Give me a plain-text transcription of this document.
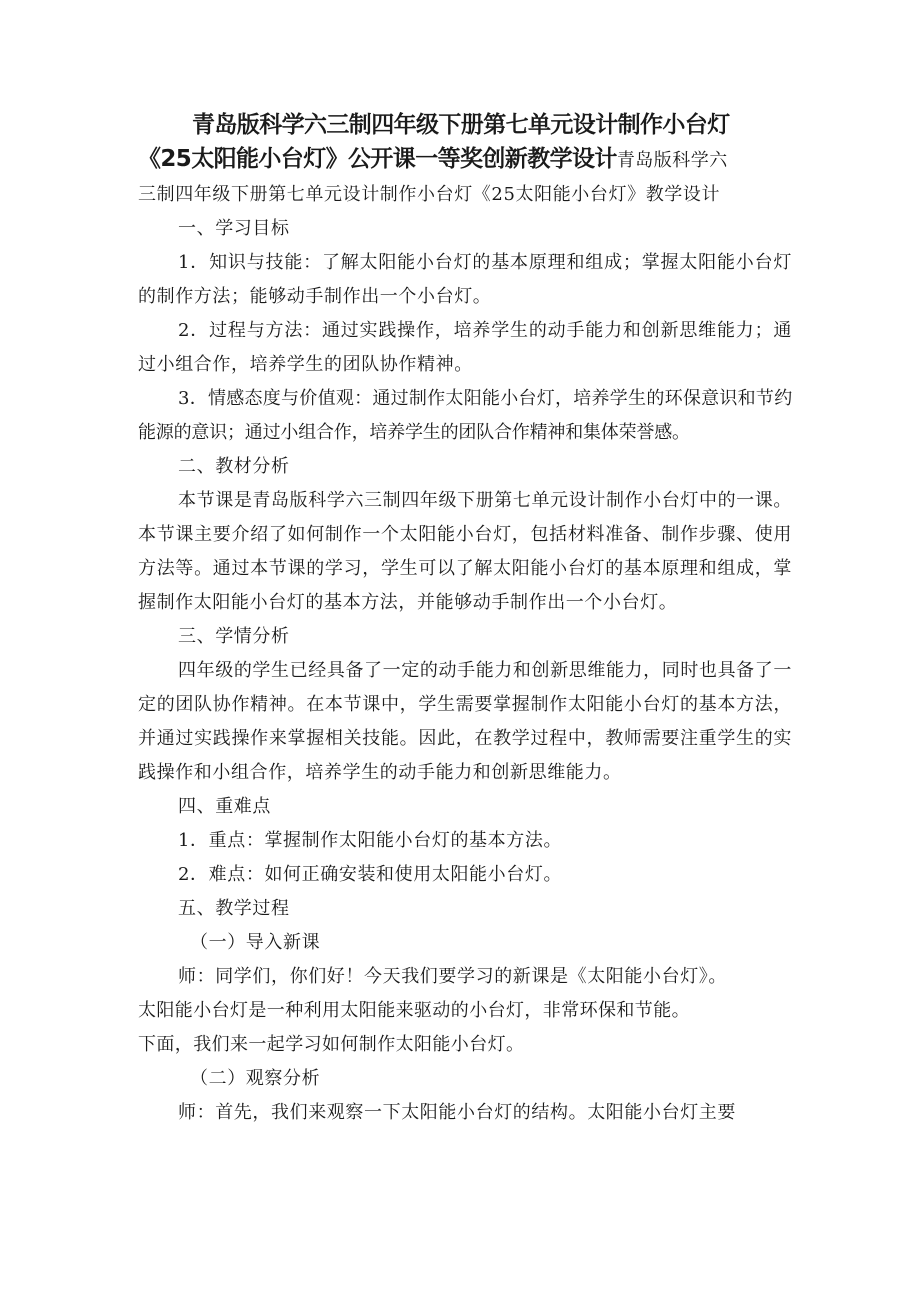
青岛版科学六三制四年级下册第七单元设计制作小台灯
《25太阳能小台灯》公开课一等奖创新教学设计青岛版科学六
三制四年级下册第七单元设计制作小台灯《25太阳能小台灯》教学设计
一、学习目标

1．知识与技能：了解太阳能小台灯的基本原理和组成；掌握太阳能小台灯的制作方法；能够动手制作出一个小台灯。

2．过程与方法：通过实践操作，培养学生的动手能力和创新思维能力；通过小组合作，培养学生的团队协作精神。

3．情感态度与价值观：通过制作太阳能小台灯，培养学生的环保意识和节约能源的意识；通过小组合作，培养学生的团队合作精神和集体荣誉感。

二、教材分析

本节课是青岛版科学六三制四年级下册第七单元设计制作小台灯中的一课。本节课主要介绍了如何制作一个太阳能小台灯，包括材料准备、制作步骤、使用方法等。通过本节课的学习，学生可以了解太阳能小台灯的基本原理和组成，掌握制作太阳能小台灯的基本方法，并能够动手制作出一个小台灯。

三、学情分析

四年级的学生已经具备了一定的动手能力和创新思维能力，同时也具备了一定的团队协作精神。在本节课中，学生需要掌握制作太阳能小台灯的基本方法，并通过实践操作来掌握相关技能。因此，在教学过程中，教师需要注重学生的实践操作和小组合作，培养学生的动手能力和创新思维能力。

四、重难点
1．重点：掌握制作太阳能小台灯的基本方法。
2．难点：如何正确安装和使用太阳能小台灯。
五、教学过程
（一）导入新课
师：同学们，你们好！今天我们要学习的新课是《太阳能小台灯》。
太阳能小台灯是一种利用太阳能来驱动的小台灯，非常环保和节能。
下面，我们来一起学习如何制作太阳能小台灯。
（二）观察分析
师：首先，我们来观察一下太阳能小台灯的结构。太阳能小台灯主要
